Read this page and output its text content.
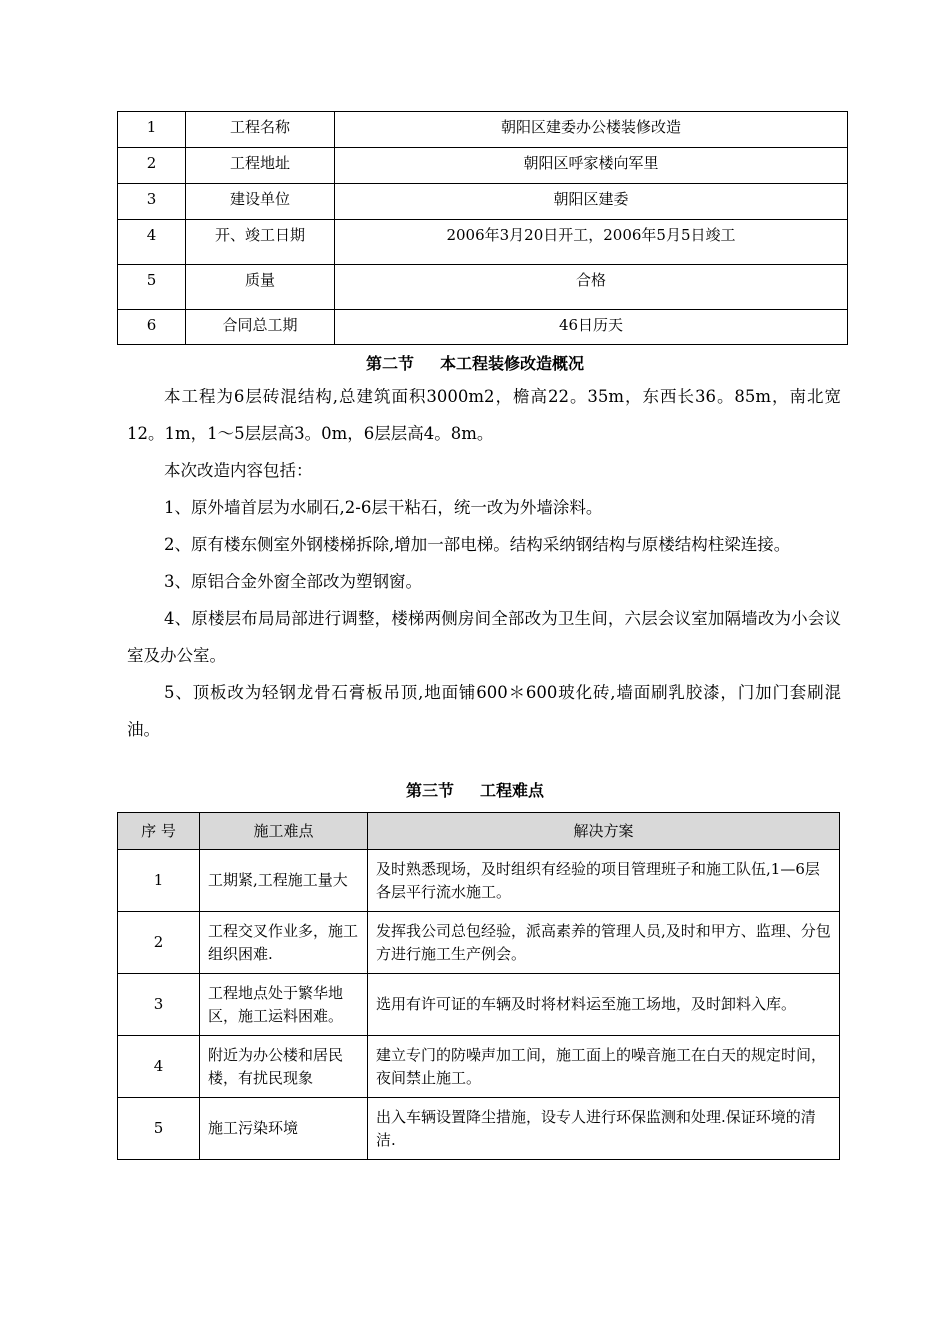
1	工程名称	朝阳区建委办公楼装修改造
2	工程地址	朝阳区呼家楼向军里
3	建设单位	朝阳区建委
4	开、竣工日期	2006年3月20日开工，2006年5月5日竣工
5	质量	合格
6	合同总工期	46日历天
第二节 本工程装修改造概况

本工程为6层砖混结构,总建筑面积3000m2，檐高22。35m，东西长36。85m，南北宽12。1m，1～5层层高3。0m，6层层高4。8m。

本次改造内容包括：

1、原外墙首层为水刷石,2-6层干粘石，统一改为外墙涂料。

2、原有楼东侧室外钢楼梯拆除,增加一部电梯。结构采纳钢结构与原楼结构柱梁连接。

3、原铝合金外窗全部改为塑钢窗。

4、原楼层布局局部进行调整，楼梯两侧房间全部改为卫生间，六层会议室加隔墙改为小会议室及办公室。

5、顶板改为轻钢龙骨石膏板吊顶,地面铺600＊600玻化砖,墙面刷乳胶漆，门加门套刷混油。

第三节 工程难点
序 号	施工难点	解决方案
1	工期紧,工程施工量大	及时熟悉现场，及时组织有经验的项目管理班子和施工队伍,1—6层各层平行流水施工。
2	工程交叉作业多，施工组织困难.	发挥我公司总包经验，派高素养的管理人员,及时和甲方、监理、分包方进行施工生产例会。
3	工程地点处于繁华地区，施工运料困难。	选用有许可证的车辆及时将材料运至施工场地，及时卸料入库。
4	附近为办公楼和居民楼，有扰民现象	建立专门的防噪声加工间，施工面上的噪音施工在白天的规定时间，夜间禁止施工。
5	施工污染环境	出入车辆设置降尘措施，设专人进行环保监测和处理.保证环境的清洁.
